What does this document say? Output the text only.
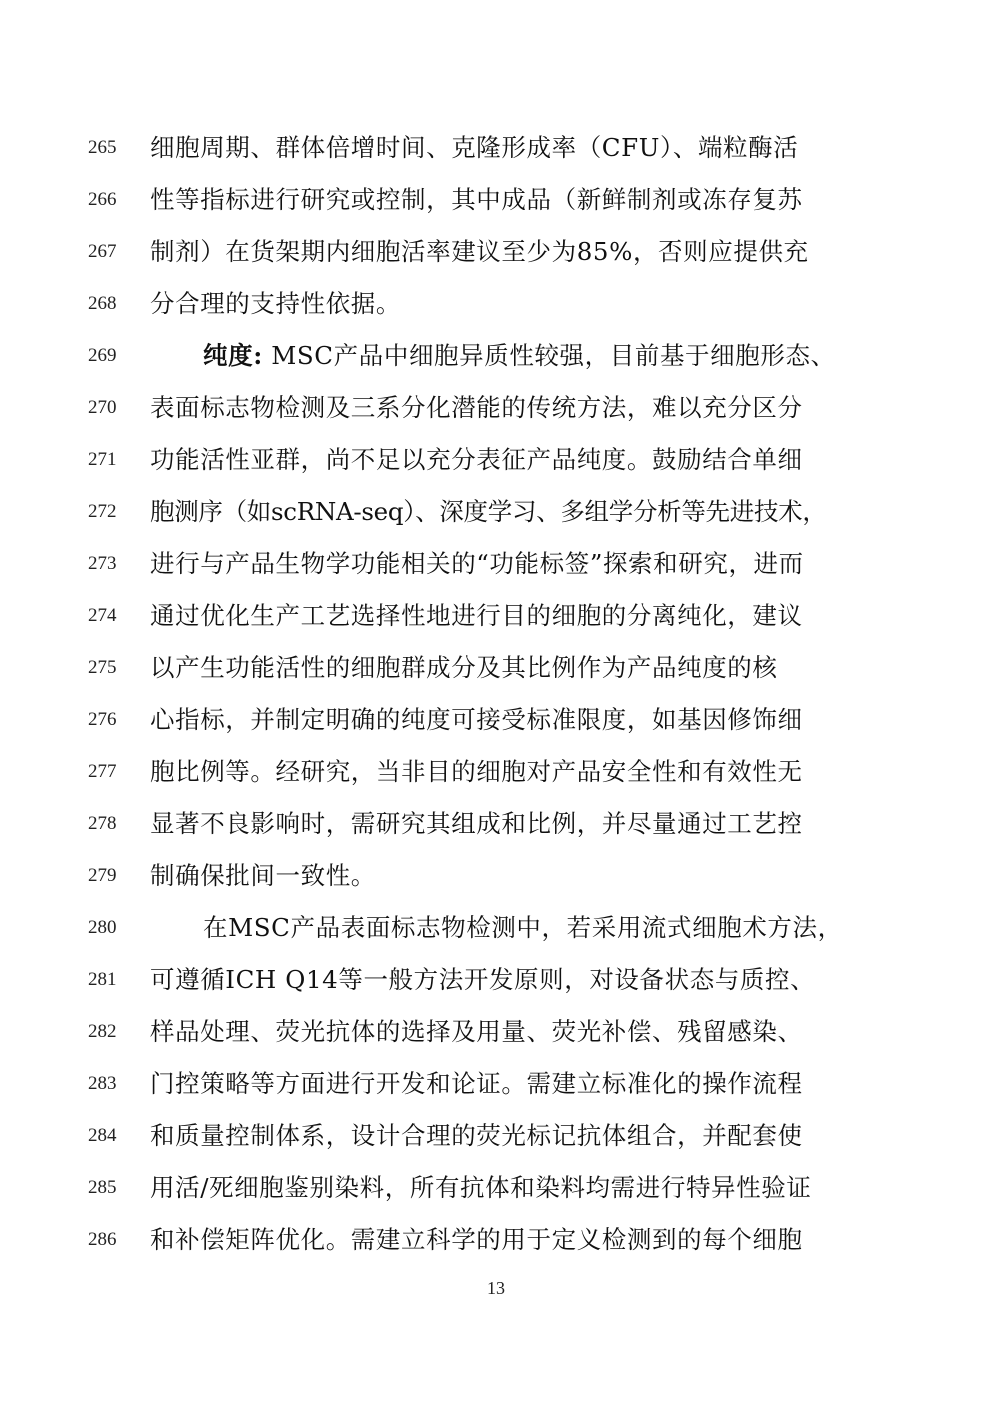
265	细胞周期、群体倍增时间、克隆形成率（CFU）、端粒酶活
266	性等指标进行研究或控制，其中成品（新鲜制剂或冻存复苏
267	制剂）在货架期内细胞活率建议至少为85%，否则应提供充
268	分合理的支持性依据。
269	纯度: MSC产品中细胞异质性较强，目前基于细胞形态、
270	表面标志物检测及三系分化潜能的传统方法，难以充分区分
271	功能活性亚群，尚不足以充分表征产品纯度。鼓励结合单细
272	胞测序（如scRNA-seq）、深度学习、多组学分析等先进技术，
273	进行与产品生物学功能相关的“功能标签”探索和研究，进而
274	通过优化生产工艺选择性地进行目的细胞的分离纯化，建议
275	以产生功能活性的细胞群成分及其比例作为产品纯度的核
276	心指标，并制定明确的纯度可接受标准限度，如基因修饰细
277	胞比例等。经研究，当非目的细胞对产品安全性和有效性无
278	显著不良影响时，需研究其组成和比例，并尽量通过工艺控
279	制确保批间一致性。
280	在MSC产品表面标志物检测中，若采用流式细胞术方法，
281	可遵循ICH Q14等一般方法开发原则，对设备状态与质控、
282	样品处理、荧光抗体的选择及用量、荧光补偿、残留感染、
283	门控策略等方面进行开发和论证。需建立标准化的操作流程
284	和质量控制体系，设计合理的荧光标记抗体组合，并配套使
285	用活/死细胞鉴别染料，所有抗体和染料均需进行特异性验证
286	和补偿矩阵优化。需建立科学的用于定义检测到的每个细胞
13
